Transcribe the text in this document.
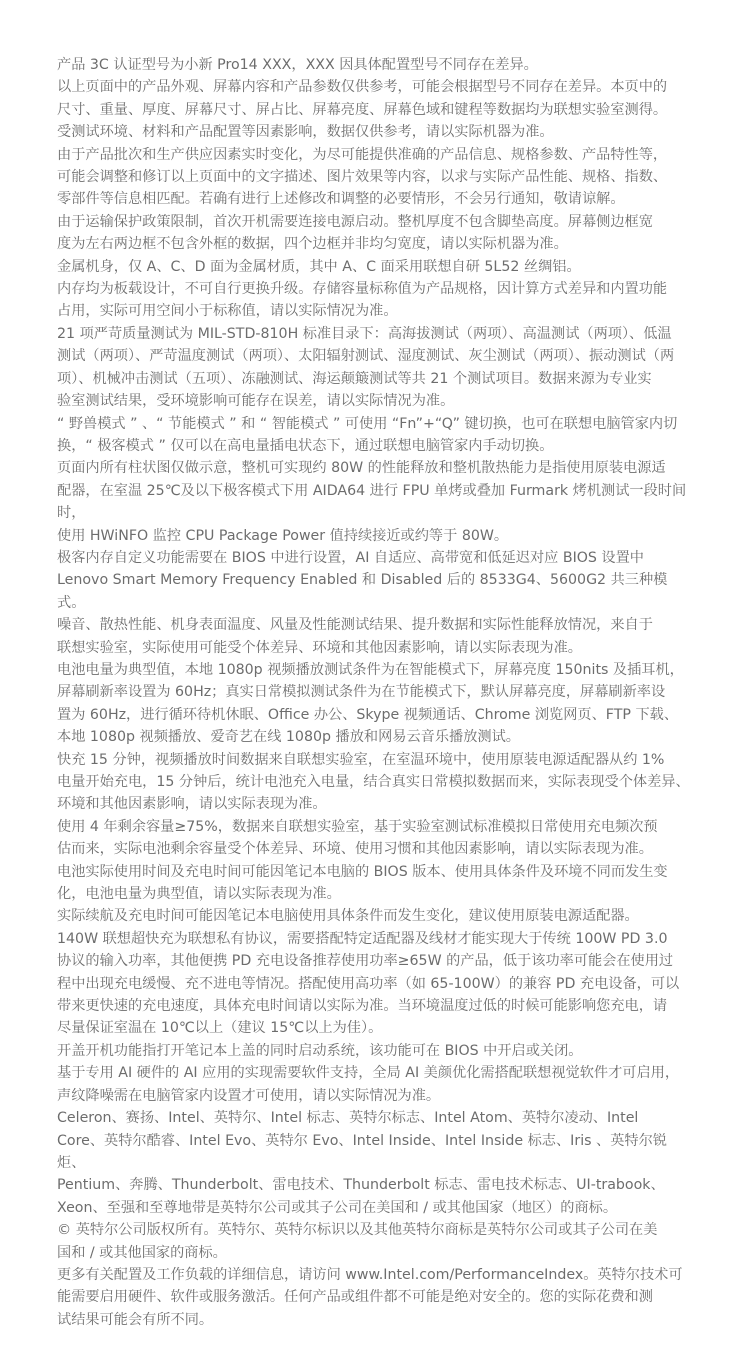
产品 3C 认证型号为小新 Pro14 XXX，XXX 因具体配置型号不同存在差异。

以上页面中的产品外观、屏幕内容和产品参数仅供参考，可能会根据型号不同存在差异。本页中的
尺寸、重量、厚度、屏幕尺寸、屏占比、屏幕亮度、屏幕色域和键程等数据均为联想实验室测得。
受测试环境、材料和产品配置等因素影响，数据仅供参考，请以实际机器为准。

由于产品批次和生产供应因素实时变化，为尽可能提供准确的产品信息、规格参数、产品特性等，
可能会调整和修订以上页面中的文字描述、图片效果等内容，以求与实际产品性能、规格、指数、
零部件等信息相匹配。若确有进行上述修改和调整的必要情形，不会另行通知，敬请谅解。

由于运输保护政策限制，首次开机需要连接电源启动。整机厚度不包含脚垫高度。屏幕侧边框宽
度为左右两边框不包含外框的数据，四个边框并非均匀宽度，请以实际机器为准。

金属机身，仅 A、C、D 面为金属材质，其中 A、C 面采用联想自研 5L52 丝绸铝。

内存均为板载设计，不可自行更换升级。存储容量标称值为产品规格，因计算方式差异和内置功能
占用，实际可用空间小于标称值，请以实际情况为准。

21 项严苛质量测试为 MIL-STD-810H 标准目录下：高海拔测试（两项）、高温测试（两项）、低温
测试（两项）、严苛温度测试（两项）、太阳辐射测试、湿度测试、灰尘测试（两项）、振动测试（两
项）、机械冲击测试（五项）、冻融测试、海运颠簸测试等共 21 个测试项目。数据来源为专业实
验室测试结果，受环境影响可能存在误差，请以实际情况为准。

“ 野兽模式 ” 、“ 节能模式 ” 和 “ 智能模式 ” 可使用 “Fn”+“Q” 键切换，也可在联想电脑管家内切
换，“ 极客模式 ” 仅可以在高电量插电状态下，通过联想电脑管家内手动切换。

页面内所有柱状图仅做示意，整机可实现约 80W 的性能释放和整机散热能力是指使用原装电源适
配器，在室温 25℃及以下极客模式下用 AIDA64 进行 FPU 单烤或叠加 Furmark 烤机测试一段时间时，
使用 HWiNFO 监控 CPU Package Power 值持续接近或约等于 80W。

极客内存自定义功能需要在 BIOS 中进行设置，AI 自适应、高带宽和低延迟对应 BIOS 设置中
Lenovo Smart Memory Frequency Enabled 和 Disabled 后的 8533G4、5600G2 共三种模式。

噪音、散热性能、机身表面温度、风量及性能测试结果、提升数据和实际性能释放情况，来自于
联想实验室，实际使用可能受个体差异、环境和其他因素影响，请以实际表现为准。

电池电量为典型值，本地 1080p 视频播放测试条件为在智能模式下，屏幕亮度 150nits 及插耳机，
屏幕刷新率设置为 60Hz；真实日常模拟测试条件为在节能模式下，默认屏幕亮度，屏幕刷新率设
置为 60Hz，进行循环待机休眠、Office 办公、Skype 视频通话、Chrome 浏览网页、FTP 下载、
本地 1080p 视频播放、爱奇艺在线 1080p 播放和网易云音乐播放测试。

快充 15 分钟，视频播放时间数据来自联想实验室，在室温环境中，使用原装电源适配器从约 1%
电量开始充电，15 分钟后，统计电池充入电量，结合真实日常模拟数据而来，实际表现受个体差异、
环境和其他因素影响，请以实际表现为准。

使用 4 年剩余容量≥75%，数据来自联想实验室，基于实验室测试标准模拟日常使用充电频次预
估而来，实际电池剩余容量受个体差异、环境、使用习惯和其他因素影响，请以实际表现为准。

电池实际使用时间及充电时间可能因笔记本电脑的 BIOS 版本、使用具体条件及环境不同而发生变
化，电池电量为典型值，请以实际表现为准。

实际续航及充电时间可能因笔记本电脑使用具体条件而发生变化，建议使用原装电源适配器。

140W 联想超快充为联想私有协议，需要搭配特定适配器及线材才能实现大于传统 100W PD 3.0
协议的输入功率，其他便携 PD 充电设备推荐使用功率≥65W 的产品，低于该功率可能会在使用过
程中出现充电缓慢、充不进电等情况。搭配使用高功率（如 65-100W）的兼容 PD 充电设备，可以
带来更快速的充电速度，具体充电时间请以实际为准。当环境温度过低的时候可能影响您充电，请
尽量保证室温在 10℃以上（建议 15℃以上为佳）。

开盖开机功能指打开笔记本上盖的同时启动系统，该功能可在 BIOS 中开启或关闭。

基于专用 AI 硬件的 AI 应用的实现需要软件支持，全局 AI 美颜优化需搭配联想视觉软件才可启用，
声纹降噪需在电脑管家内设置才可使用，请以实际情况为准。

Celeron、赛扬、Intel、英特尔、Intel 标志、英特尔标志、Intel Atom、英特尔凌动、Intel
Core、英特尔酷睿、Intel Evo、英特尔 Evo、Intel Inside、Intel Inside 标志、Iris 、英特尔锐炬、
Pentium、奔腾、Thunderbolt、雷电技术、Thunderbolt 标志、雷电技术标志、UI-trabook、
Xeon、至强和至尊地带是英特尔公司或其子公司在美国和 / 或其他国家（地区）的商标。

© 英特尔公司版权所有。英特尔、英特尔标识以及其他英特尔商标是英特尔公司或其子公司在美
国和 / 或其他国家的商标。

更多有关配置及工作负载的详细信息，请访问 www.Intel.com/PerformanceIndex。英特尔技术可
能需要启用硬件、软件或服务激活。任何产品或组件都不可能是绝对安全的。您的实际花费和测
试结果可能会有所不同。
